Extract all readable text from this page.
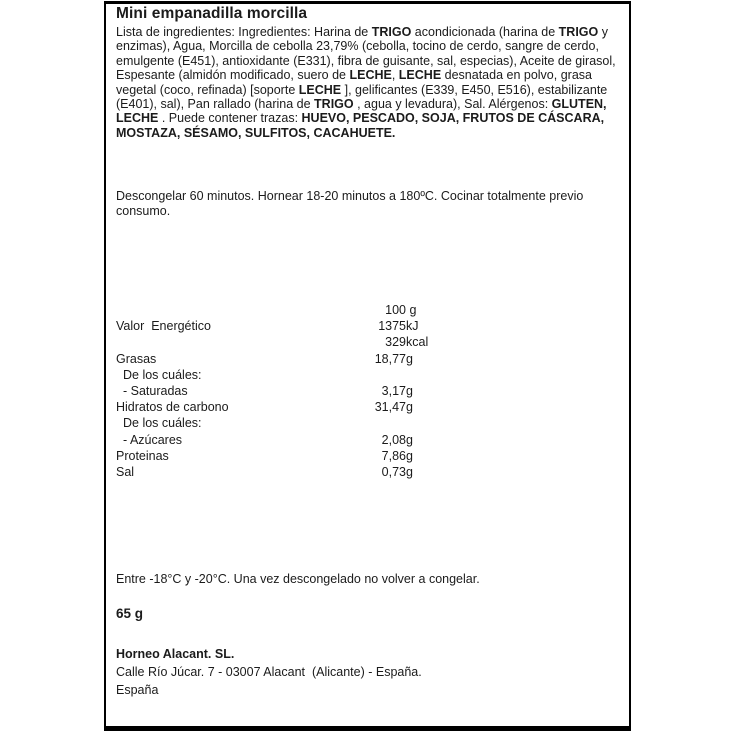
Mini empanadilla morcilla
Lista de ingredientes: Ingredientes: Harina de TRIGO acondicionada (harina de TRIGO y enzimas), Agua, Morcilla de cebolla 23,79% (cebolla, tocino de cerdo, sangre de cerdo, emulgente (E451), antioxidante (E331), fibra de guisante, sal, especias), Aceite de girasol, Espesante (almidón modificado, suero de LECHE, LECHE desnatada en polvo, grasa vegetal (coco, refinada) [soporte LECHE ], gelificantes (E339, E450, E516), estabilizante (E401), sal), Pan rallado (harina de TRIGO , agua y levadura), Sal. Alérgenos: GLUTEN, LECHE . Puede contener trazas: HUEVO, PESCADO, SOJA, FRUTOS DE CÁSCARA, MOSTAZA, SÉSAMO, SULFITOS, CACAHUETE.
Descongelar 60 minutos. Hornear 18-20 minutos a 180ºC. Cocinar totalmente previo consumo.
100 g
Valor  Energético	1375 kJ
329 kcal
Grasas	18,77 g
De los cuáles:
- Saturadas	3,17 g
Hidratos de carbono	31,47 g
De los cuáles:
- Azúcares	2,08 g
Proteinas	7,86 g
Sal	0,73 g
Entre -18°C y -20°C. Una vez descongelado no volver a congelar.
65 g
Horneo Alacant. SL.
Calle Río Júcar. 7 - 03007 Alacant  (Alicante) - España.
España
